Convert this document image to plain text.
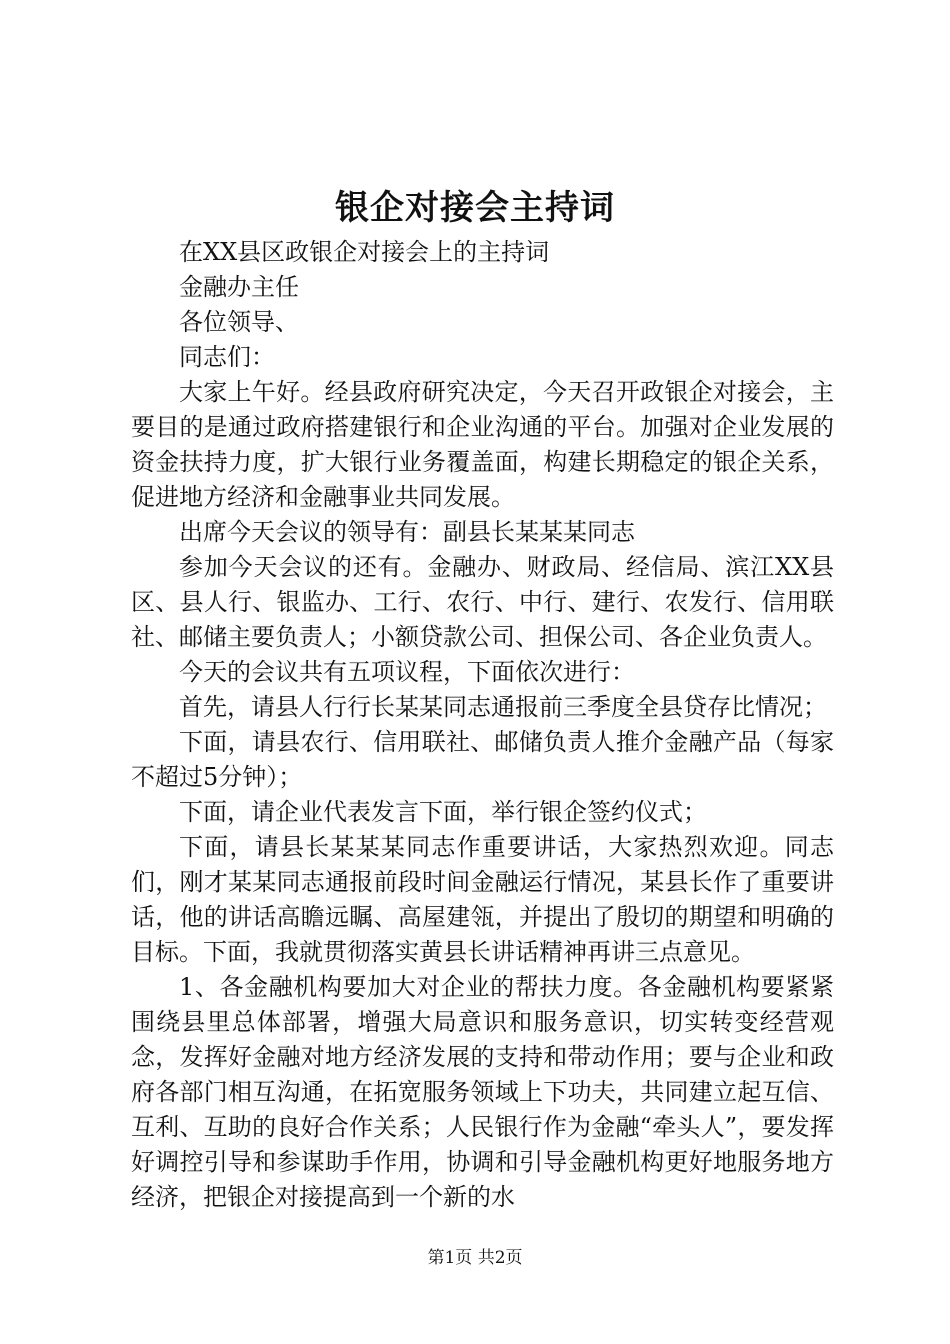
银企对接会主持词

在XX县区政银企对接会上的主持词

金融办主任

各位领导、

同志们：

大家上午好。经县政府研究决定，今天召开政银企对接会，主要目的是通过政府搭建银行和企业沟通的平台。加强对企业发展的资金扶持力度，扩大银行业务覆盖面，构建长期稳定的银企关系，促进地方经济和金融事业共同发展。

出席今天会议的领导有：副县长某某某同志

参加今天会议的还有。金融办、财政局、经信局、滨江XX县区、县人行、银监办、工行、农行、中行、建行、农发行、信用联社、邮储主要负责人；小额贷款公司、担保公司、各企业负责人。

今天的会议共有五项议程，下面依次进行：

首先，请县人行行长某某同志通报前三季度全县贷存比情况；

下面，请县农行、信用联社、邮储负责人推介金融产品（每家不超过5分钟）；

下面，请企业代表发言下面，举行银企签约仪式；

下面，请县长某某某同志作重要讲话，大家热烈欢迎。同志们，刚才某某同志通报前段时间金融运行情况，某县长作了重要讲话，他的讲话高瞻远瞩、高屋建瓴，并提出了殷切的期望和明确的目标。下面，我就贯彻落实黄县长讲话精神再讲三点意见。

1、各金融机构要加大对企业的帮扶力度。各金融机构要紧紧围绕县里总体部署，增强大局意识和服务意识，切实转变经营观念，发挥好金融对地方经济发展的支持和带动作用；要与企业和政府各部门相互沟通，在拓宽服务领域上下功夫，共同建立起互信、互利、互助的良好合作关系；人民银行作为金融“牵头人”，要发挥好调控引导和参谋助手作用，协调和引导金融机构更好地服务地方经济，把银企对接提高到一个新的水

第1页 共2页
